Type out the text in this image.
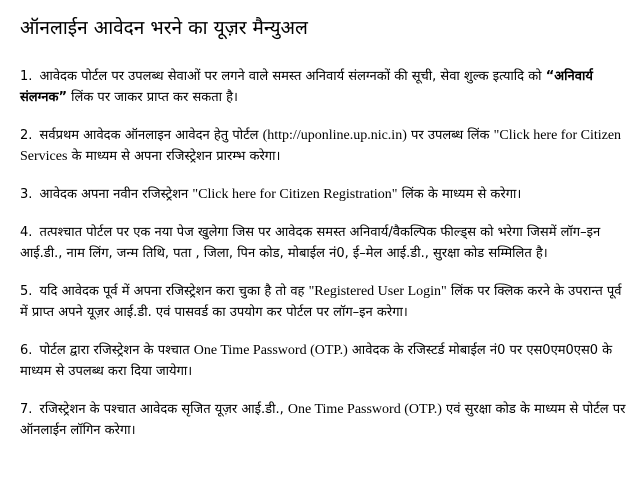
ऑनलाईन आवेदन भरने का यूज़र मैन्युअल
1. आवेदक पोर्टल पर उपलब्ध सेवाओं पर लगने वाले समस्त अनिवार्य संलग्नकों की सूची, सेवा शुल्क इत्यादि को “अनिवार्य संलग्नक” लिंक पर जाकर प्राप्त कर सकता है।
2. सर्वप्रथम आवेदक ऑनलाइन आवेदन हेतु पोर्टल (http://uponline.up.nic.in) पर उपलब्ध लिंक "Click here for Citizen Services के माध्यम से अपना रजिस्ट्रेशन प्रारम्भ करेगा।
3. आवेदक अपना नवीन रजिस्ट्रेशन "Click here for Citizen Registration" लिंक के माध्यम से करेगा।
4. तत्पश्चात पोर्टल पर एक नया पेज खुलेगा जिस पर आवेदक समस्त अनिवार्य/वैकल्पिक फील्ड्स को भरेगा जिसमें लॉग–इन आई.डी., नाम लिंग, जन्म तिथि, पता , जिला, पिन कोड, मोबाईल नं0, ई–मेल आई.डी., सुरक्षा कोड सम्मिलित है।
5. यदि आवेदक पूर्व में अपना रजिस्ट्रेशन करा चुका है तो वह "Registered User Login" लिंक पर क्लिक करने के उपरान्त पूर्व में प्राप्त अपने यूज़र आई.डी. एवं पासवर्ड का उपयोग कर पोर्टल पर लॉग–इन करेगा।
6. पोर्टल द्वारा रजिस्ट्रेशन के पश्चात One Time Password (OTP.) आवेदक के रजिस्टर्ड मोबाईल नं0 पर एस0एम0एस0 के माध्यम से उपलब्ध करा दिया जायेगा।
7. रजिस्ट्रेशन के पश्चात आवेदक सृजित यूज़र आई.डी., One Time Password (OTP.) एवं सुरक्षा कोड के माध्यम से पोर्टल पर ऑनलाईन लॉगिन करेगा।
